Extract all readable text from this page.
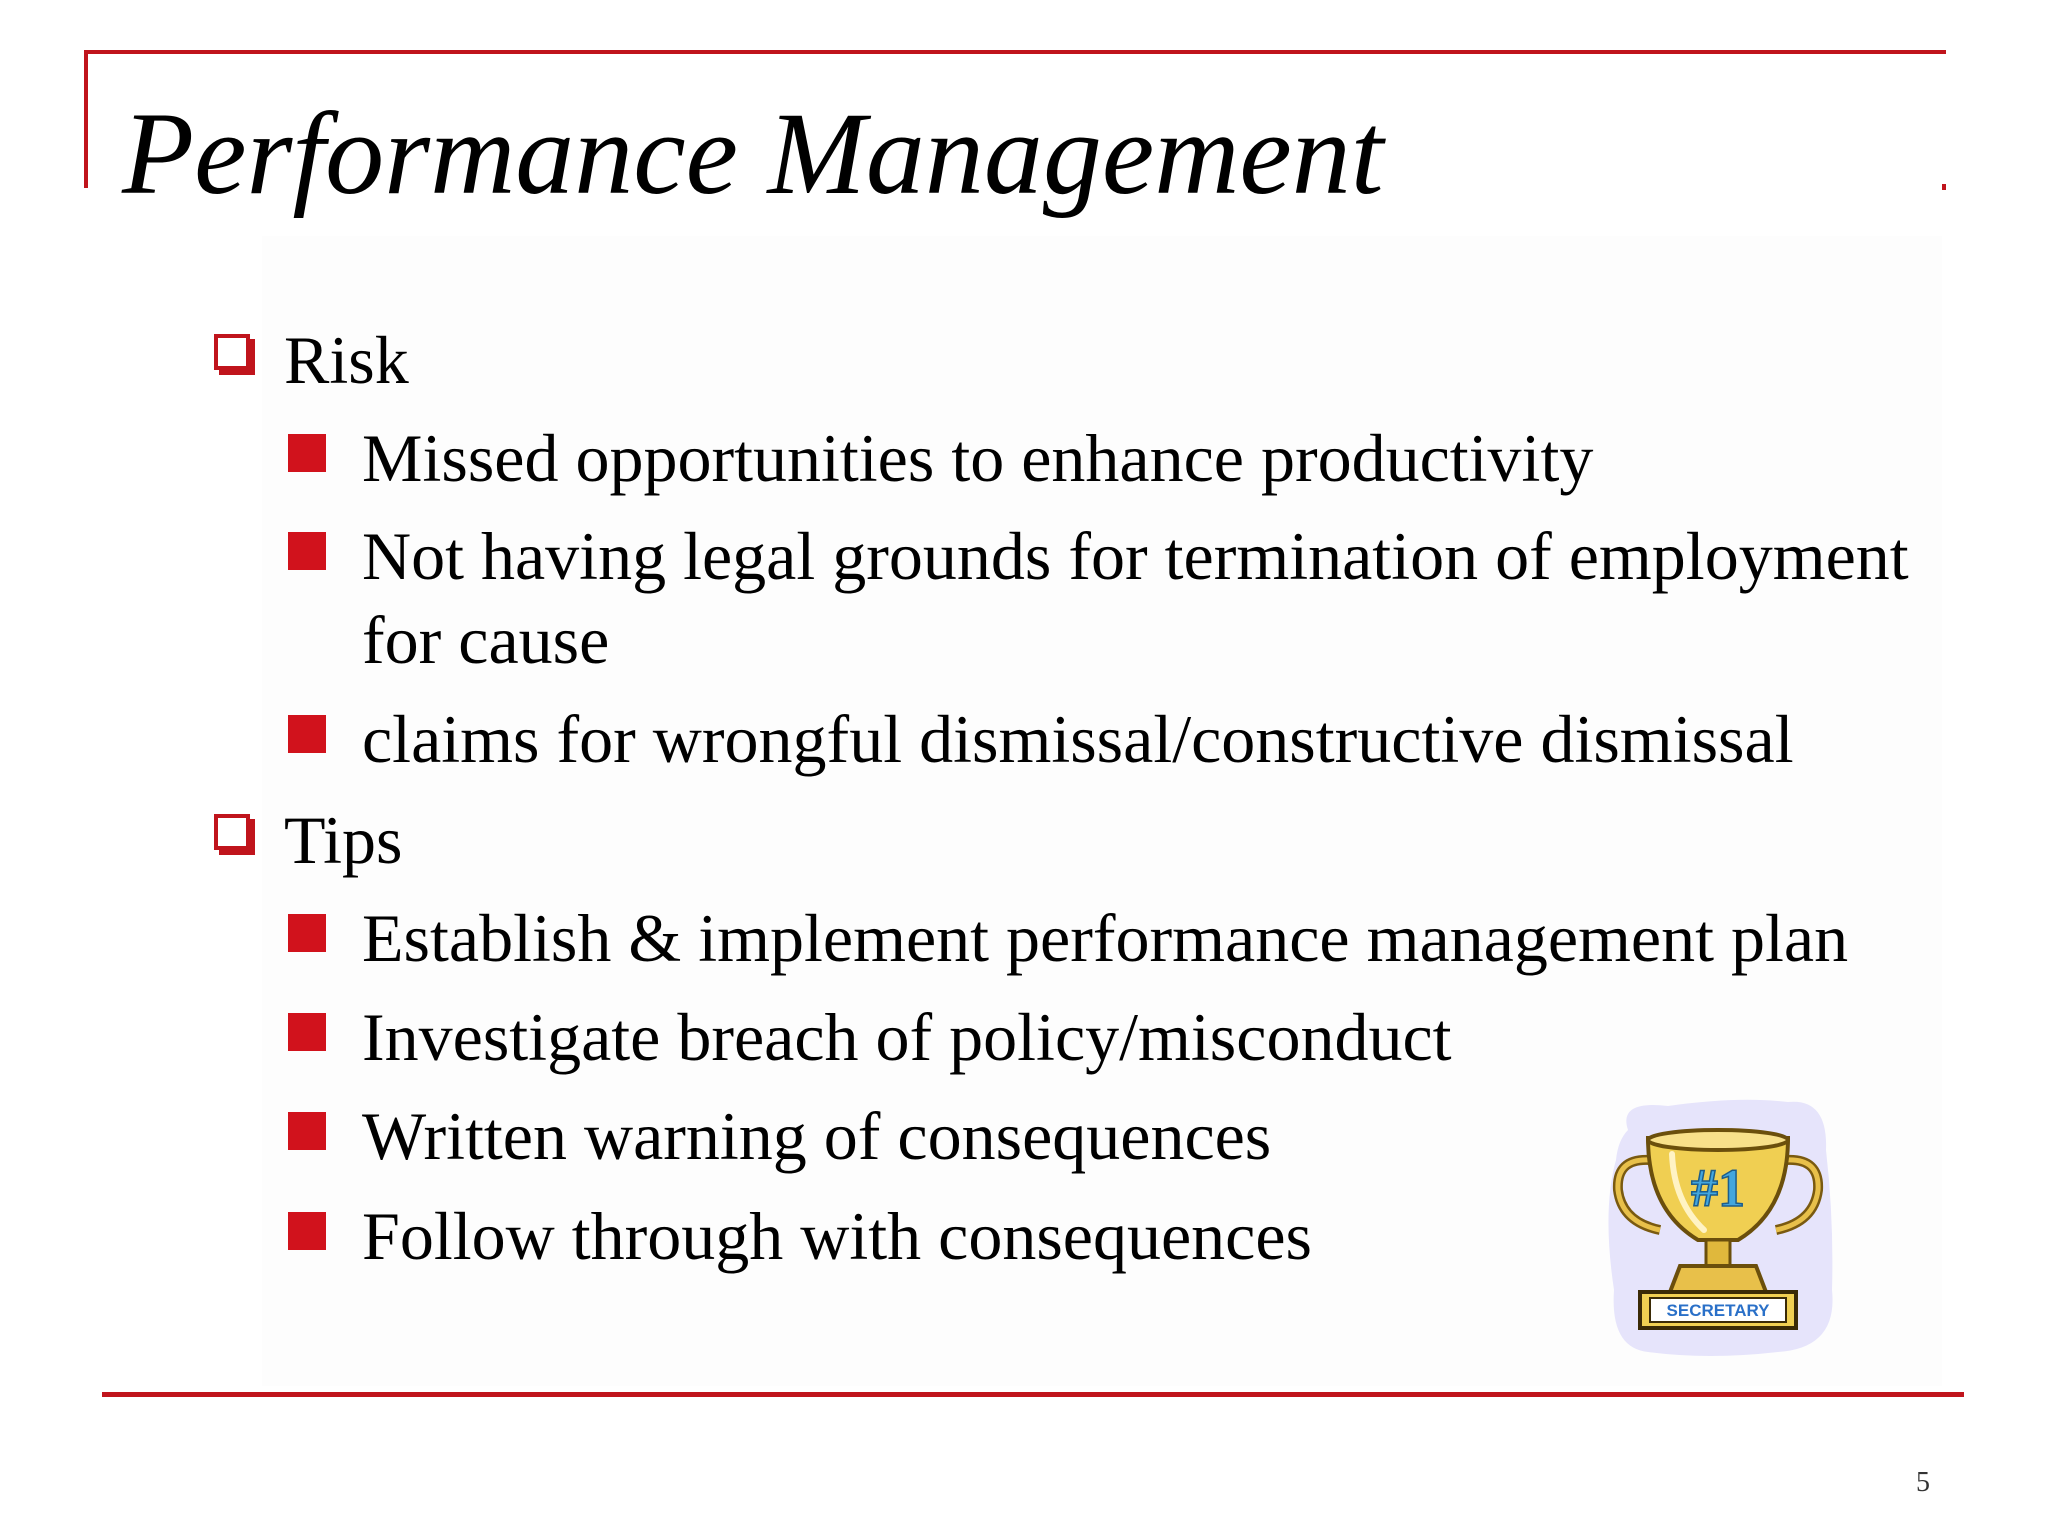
Performance Management
Risk
Missed opportunities to enhance productivity
Not having legal grounds for termination of employment
for cause
claims for wrongful dismissal/constructive dismissal
Tips
Establish & implement performance management plan
Investigate breach of policy/misconduct
Written warning of consequences
Follow through with consequences
SECRETARY
#1
5
